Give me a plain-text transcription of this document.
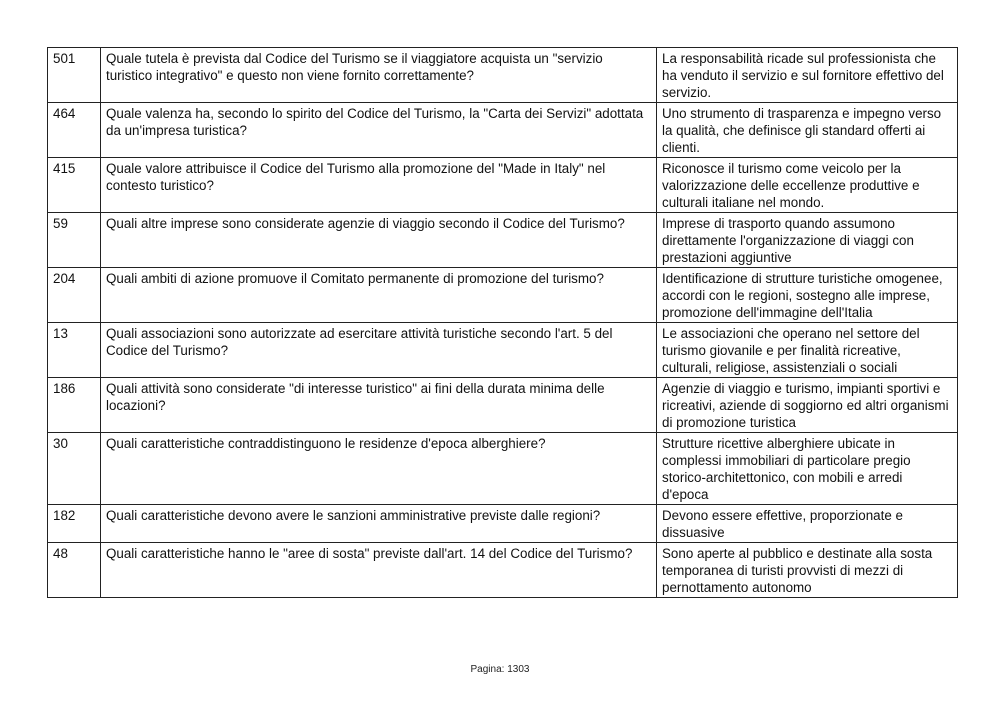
501	Quale tutela è prevista dal Codice del Turismo se il viaggiatore acquista un "servizio turistico integrativo" e questo non viene fornito correttamente?	La responsabilità ricade sul professionista che ha venduto il servizio e sul fornitore effettivo del servizio.
464	Quale valenza ha, secondo lo spirito del Codice del Turismo, la "Carta dei Servizi" adottata da un'impresa turistica?	Uno strumento di trasparenza e impegno verso la qualità, che definisce gli standard offerti ai clienti.
415	Quale valore attribuisce il Codice del Turismo alla promozione del "Made in Italy" nel contesto turistico?	Riconosce il turismo come veicolo per la valorizzazione delle eccellenze produttive e culturali italiane nel mondo.
59	Quali altre imprese sono considerate agenzie di viaggio secondo il Codice del Turismo?	Imprese di trasporto quando assumono direttamente l'organizzazione di viaggi con prestazioni aggiuntive
204	Quali ambiti di azione promuove il Comitato permanente di promozione del turismo?	Identificazione di strutture turistiche omogenee, accordi con le regioni, sostegno alle imprese, promozione dell'immagine dell'Italia
13	Quali associazioni sono autorizzate ad esercitare attività turistiche secondo l'art. 5 del Codice del Turismo?	Le associazioni che operano nel settore del turismo giovanile e per finalità ricreative, culturali, religiose, assistenziali o sociali
186	Quali attività sono considerate "di interesse turistico" ai fini della durata minima delle locazioni?	Agenzie di viaggio e turismo, impianti sportivi e ricreativi, aziende di soggiorno ed altri organismi di promozione turistica
30	Quali caratteristiche contraddistinguono le residenze d'epoca alberghiere?	Strutture ricettive alberghiere ubicate in complessi immobiliari di particolare pregio storico-architettonico, con mobili e arredi d'epoca
182	Quali caratteristiche devono avere le sanzioni amministrative previste dalle regioni?	Devono essere effettive, proporzionate e dissuasive
48	Quali caratteristiche hanno le "aree di sosta" previste dall'art. 14 del Codice del Turismo?	Sono aperte al pubblico e destinate alla sosta temporanea di turisti provvisti di mezzi di pernottamento autonomo
Pagina: 1303
